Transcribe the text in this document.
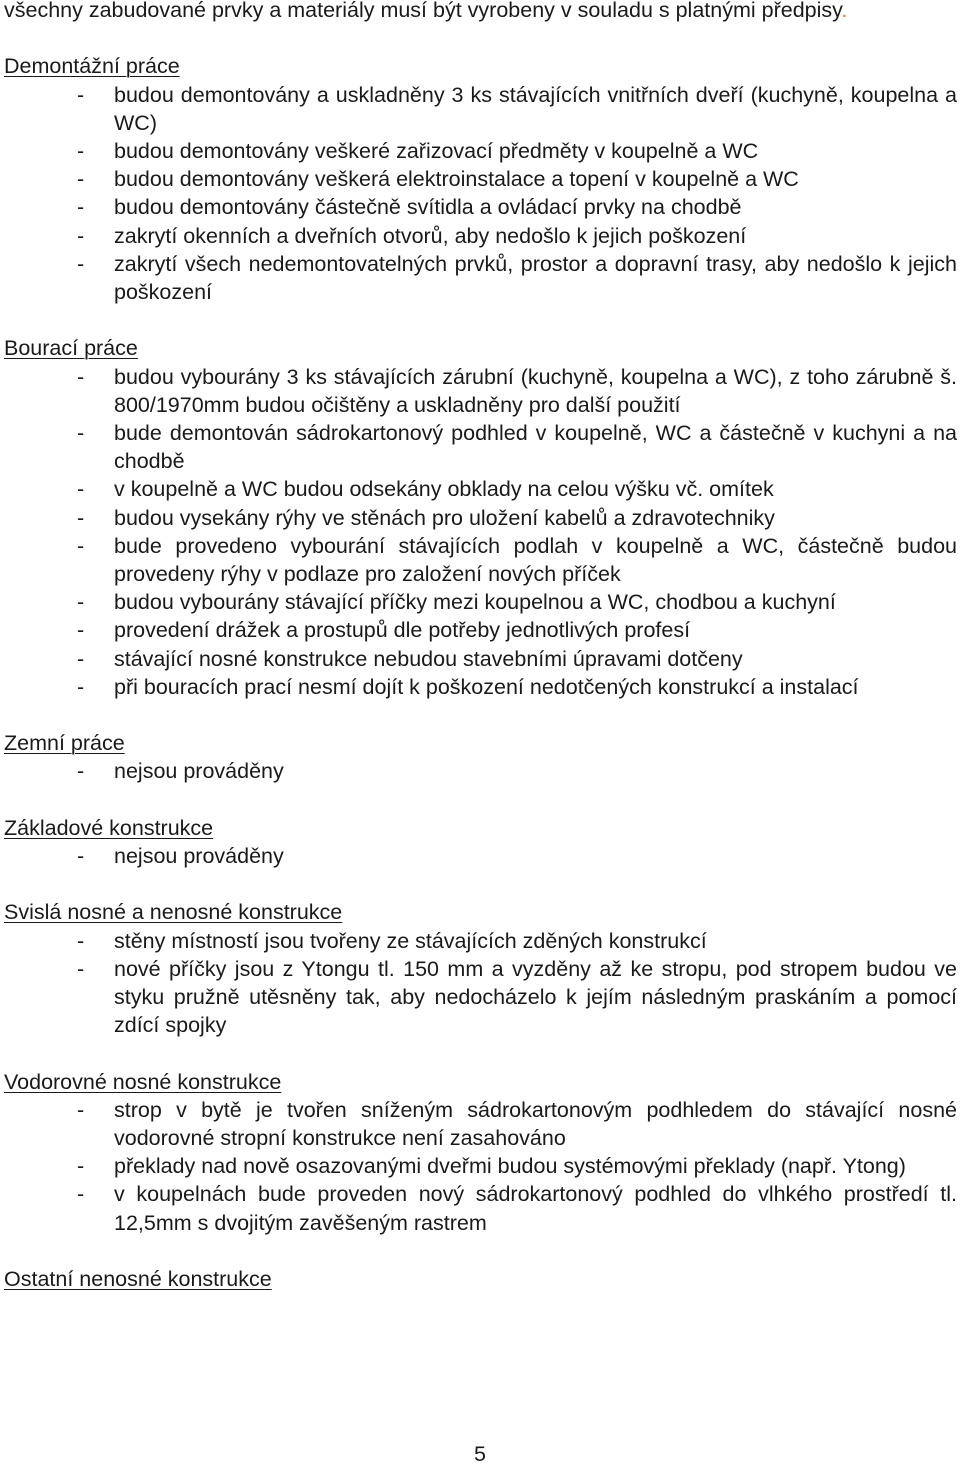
všechny zabudované prvky a materiály musí být vyrobeny v souladu s platnými předpisy.

Demontážní práce

- budou demontovány a uskladněny 3 ks stávajících vnitřních dveří (kuchyně, koupelna a WC)
- budou demontovány veškeré zařizovací předměty v koupelně a WC
- budou demontovány veškerá elektroinstalace a topení v koupelně a WC
- budou demontovány částečně svítidla a ovládací prvky na chodbě
- zakrytí okenních a dveřních otvorů, aby nedošlo k jejich poškození
- zakrytí všech nedemontovatelných prvků, prostor a dopravní trasy, aby nedošlo k jejich poškození

Bourací práce

- budou vybourány 3 ks stávajících zárubní (kuchyně, koupelna a WC), z toho zárubně š. 800/1970mm budou očištěny a uskladněny pro další použití
- bude demontován sádrokartonový podhled v koupelně, WC a částečně v kuchyni a na chodbě
- v koupelně a WC budou odsekány obklady na celou výšku vč. omítek
- budou vysekány rýhy ve stěnách pro uložení kabelů a zdravotechniky
- bude provedeno vybourání stávajících podlah v koupelně a WC, částečně budou provedeny rýhy v podlaze pro založení nových příček
- budou vybourány stávající příčky mezi koupelnou a WC, chodbou a kuchyní
- provedení drážek a prostupů dle potřeby jednotlivých profesí
- stávající nosné konstrukce nebudou stavebními úpravami dotčeny
- při bouracích prací nesmí dojít k poškození nedotčených konstrukcí a instalací

Zemní práce

- nejsou prováděny

Základové konstrukce

- nejsou prováděny

Svislá nosné a nenosné konstrukce

- stěny místností jsou tvořeny ze stávajících zděných konstrukcí
- nové příčky jsou z Ytongu tl. 150 mm a vyzděny až ke stropu, pod stropem budou ve styku pružně utěsněny tak, aby nedocházelo k jejím následným praskáním a pomocí zdící spojky

Vodorovné nosné konstrukce

- strop v bytě je tvořen sníženým sádrokartonovým podhledem do stávající nosné vodorovné stropní konstrukce není zasahováno
- překlady nad nově osazovanými dveřmi budou systémovými překlady (např. Ytong)
- v koupelnách bude proveden nový sádrokartonový podhled do vlhkého prostředí tl. 12,5mm s dvojitým zavěšeným rastrem

Ostatní nenosné konstrukce

5
